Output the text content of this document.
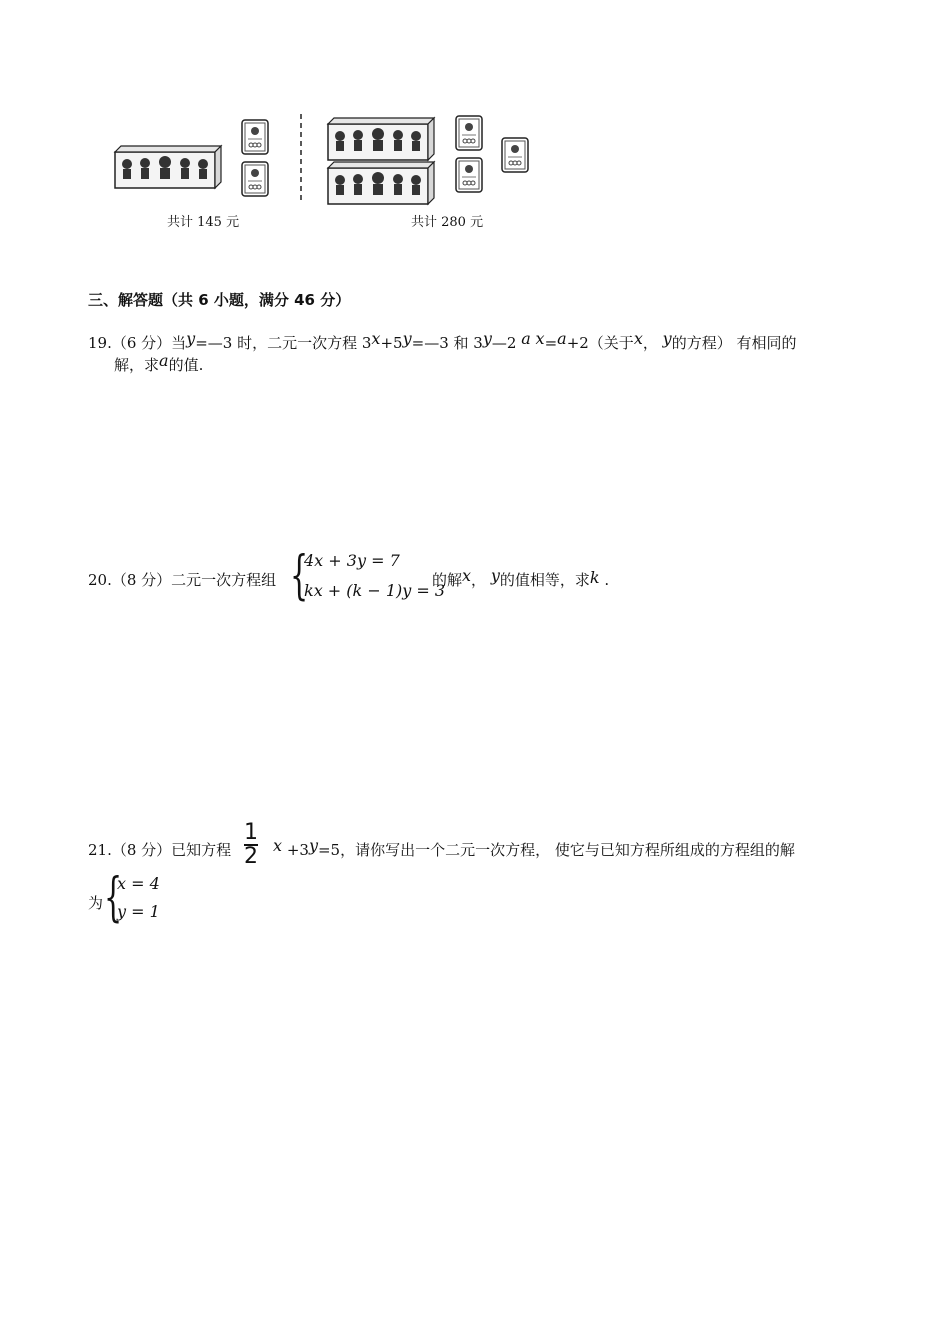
共计 145 元	共计 280 元
三、解答题（共 6 小题，满分 46 分）
19.（6 分）当y=—3 时，二元一次方程 3x+5y=—3 和 3y—2 a x=a+2（关于x， y的方程） 有相同的
解，求a的值.
20.（8 分）二元一次方程组 {
4x + 3y = 7
kx + (k − 1)y = 3
的解x， y的值相等，求k .
21.（8 分）已知方程 $\frac{1}{2}$ x +3y=5，请你写出一个二元一次方程， 使它与已知方程所组成的方程组的解
为 {
x = 4
y = 1
